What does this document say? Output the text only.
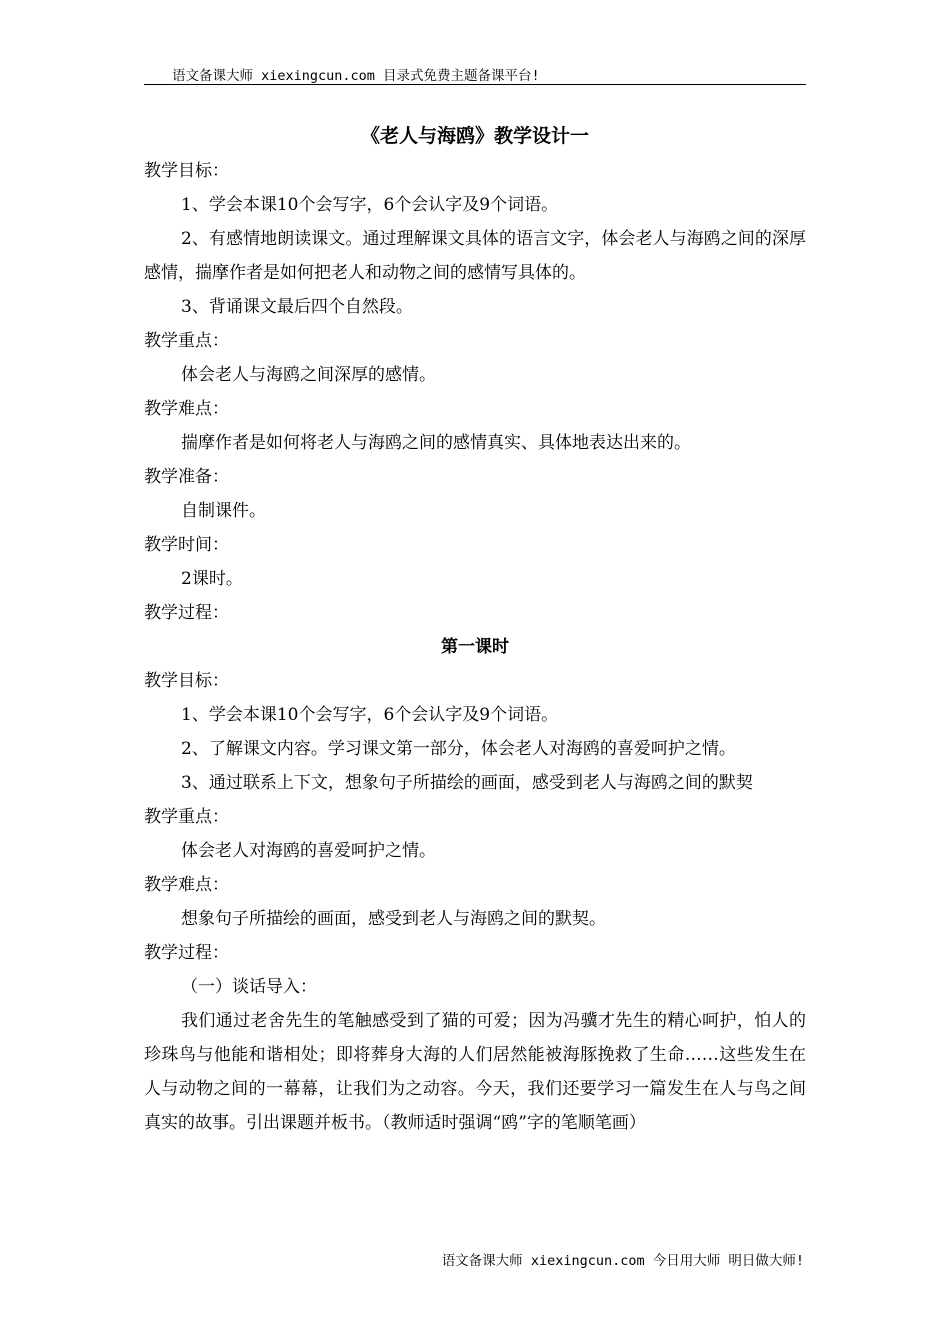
语文备课大师 xiexingcun.com 目录式免费主题备课平台!
《老人与海鸥》教学设计一
教学目标：
1、学会本课10个会写字，6个会认字及9个词语。
2、有感情地朗读课文。通过理解课文具体的语言文字，体会老人与海鸥之间的深厚感情，揣摩作者是如何把老人和动物之间的感情写具体的。
3、背诵课文最后四个自然段。
教学重点：
体会老人与海鸥之间深厚的感情。
教学难点：
揣摩作者是如何将老人与海鸥之间的感情真实、具体地表达出来的。
教学准备：
自制课件。
教学时间：
2课时。
教学过程：
第一课时
教学目标：
1、学会本课10个会写字，6个会认字及9个词语。
2、了解课文内容。学习课文第一部分，体会老人对海鸥的喜爱呵护之情。
3、通过联系上下文，想象句子所描绘的画面，感受到老人与海鸥之间的默契
教学重点：
体会老人对海鸥的喜爱呵护之情。
教学难点：
想象句子所描绘的画面，感受到老人与海鸥之间的默契。
教学过程：
（一）谈话导入：
我们通过老舍先生的笔触感受到了猫的可爱；因为冯骥才先生的精心呵护，怕人的珍珠鸟与他能和谐相处；即将葬身大海的人们居然能被海豚挽救了生命……这些发生在人与动物之间的一幕幕，让我们为之动容。今天，我们还要学习一篇发生在人与鸟之间真实的故事。引出课题并板书。（教师适时强调“鸥”字的笔顺笔画）
语文备课大师 xiexingcun.com 今日用大师 明日做大师!
